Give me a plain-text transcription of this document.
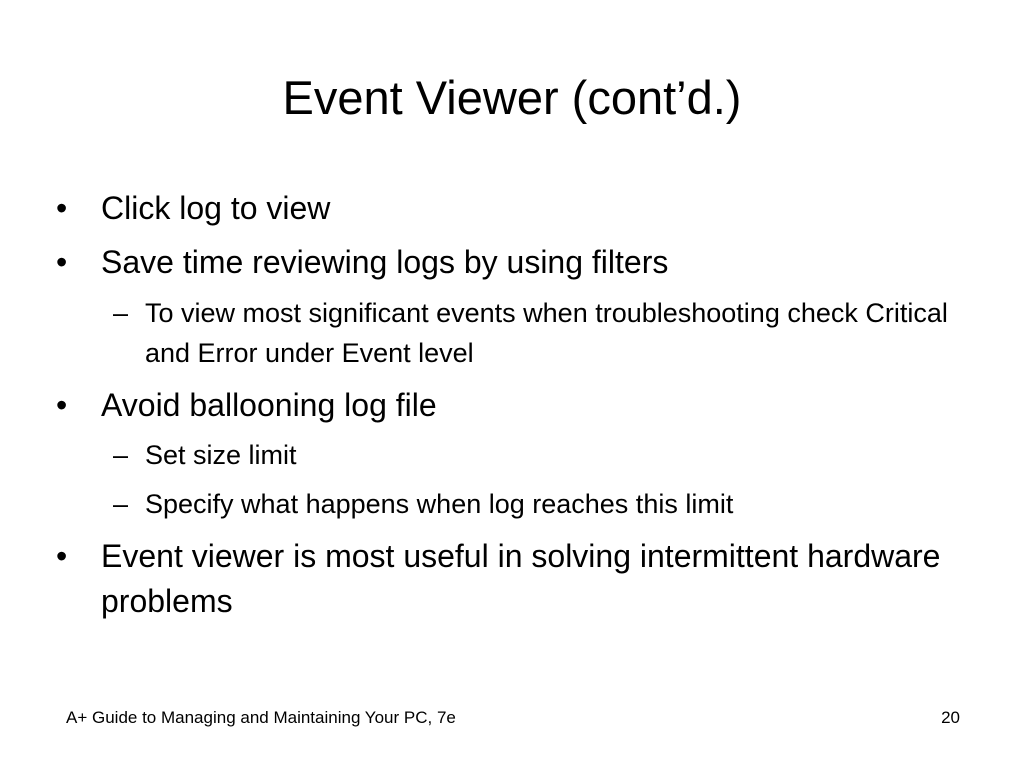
Event Viewer (cont’d.)
•	Click log to view
•	Save time reviewing logs by using filters
– To view most significant events when troubleshooting check Critical and Error under Event level
•	Avoid ballooning log file
– Set size limit
– Specify what happens when log reaches this limit
•	Event viewer is most useful in solving intermittent hardware problems
A+ Guide to Managing and Maintaining Your PC, 7e	20
